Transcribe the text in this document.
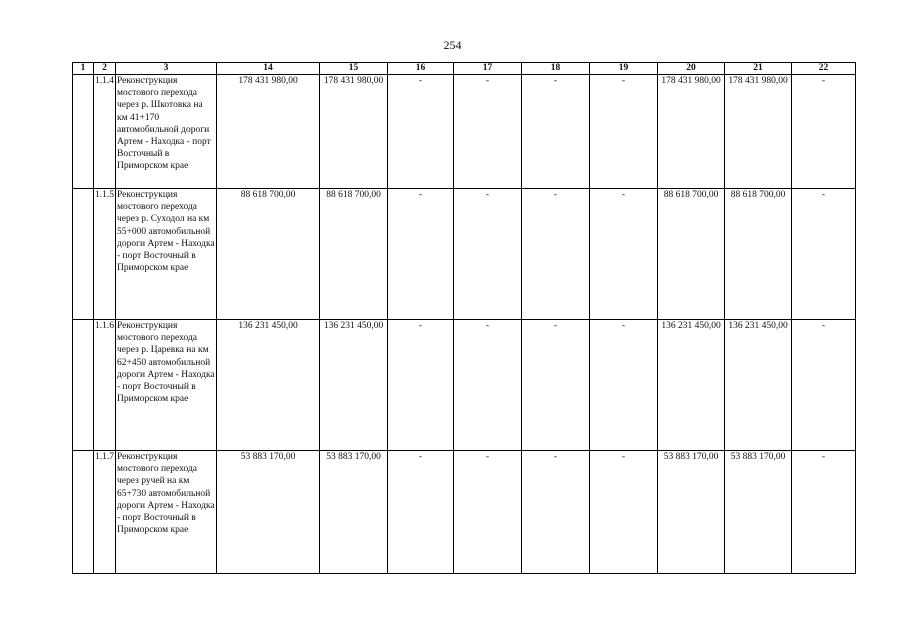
254
1	2	3	14	15	16	17	18	19	20	21	22
	1.1.4	Реконструкция мостового перехода через р. Шкотовка на км 41+170 автомобильной дороги Артем - Находка - порт Восточный в Приморском крае	178 431 980,00	178 431 980,00	-	-	-	-	178 431 980,00	178 431 980,00	-
	1.1.5	Реконструкция мостового перехода через р. Суходол на км 55+000 автомобильной дороги Артем - Находка - порт Восточный в Приморском крае	88 618 700,00	88 618 700,00	-	-	-	-	88 618 700,00	88 618 700,00	-
	1.1.6	Реконструкция мостового перехода через р. Царевка на км 62+450 автомобильной дороги Артем - Находка - порт Восточный в Приморском крае	136 231 450,00	136 231 450,00	-	-	-	-	136 231 450,00	136 231 450,00	-
	1.1.7	Реконструкция мостового перехода через ручей на км 65+730 автомобильной дороги Артем - Находка - порт Восточный в Приморском крае	53 883 170,00	53 883 170,00	-	-	-	-	53 883 170,00	53 883 170,00	-
